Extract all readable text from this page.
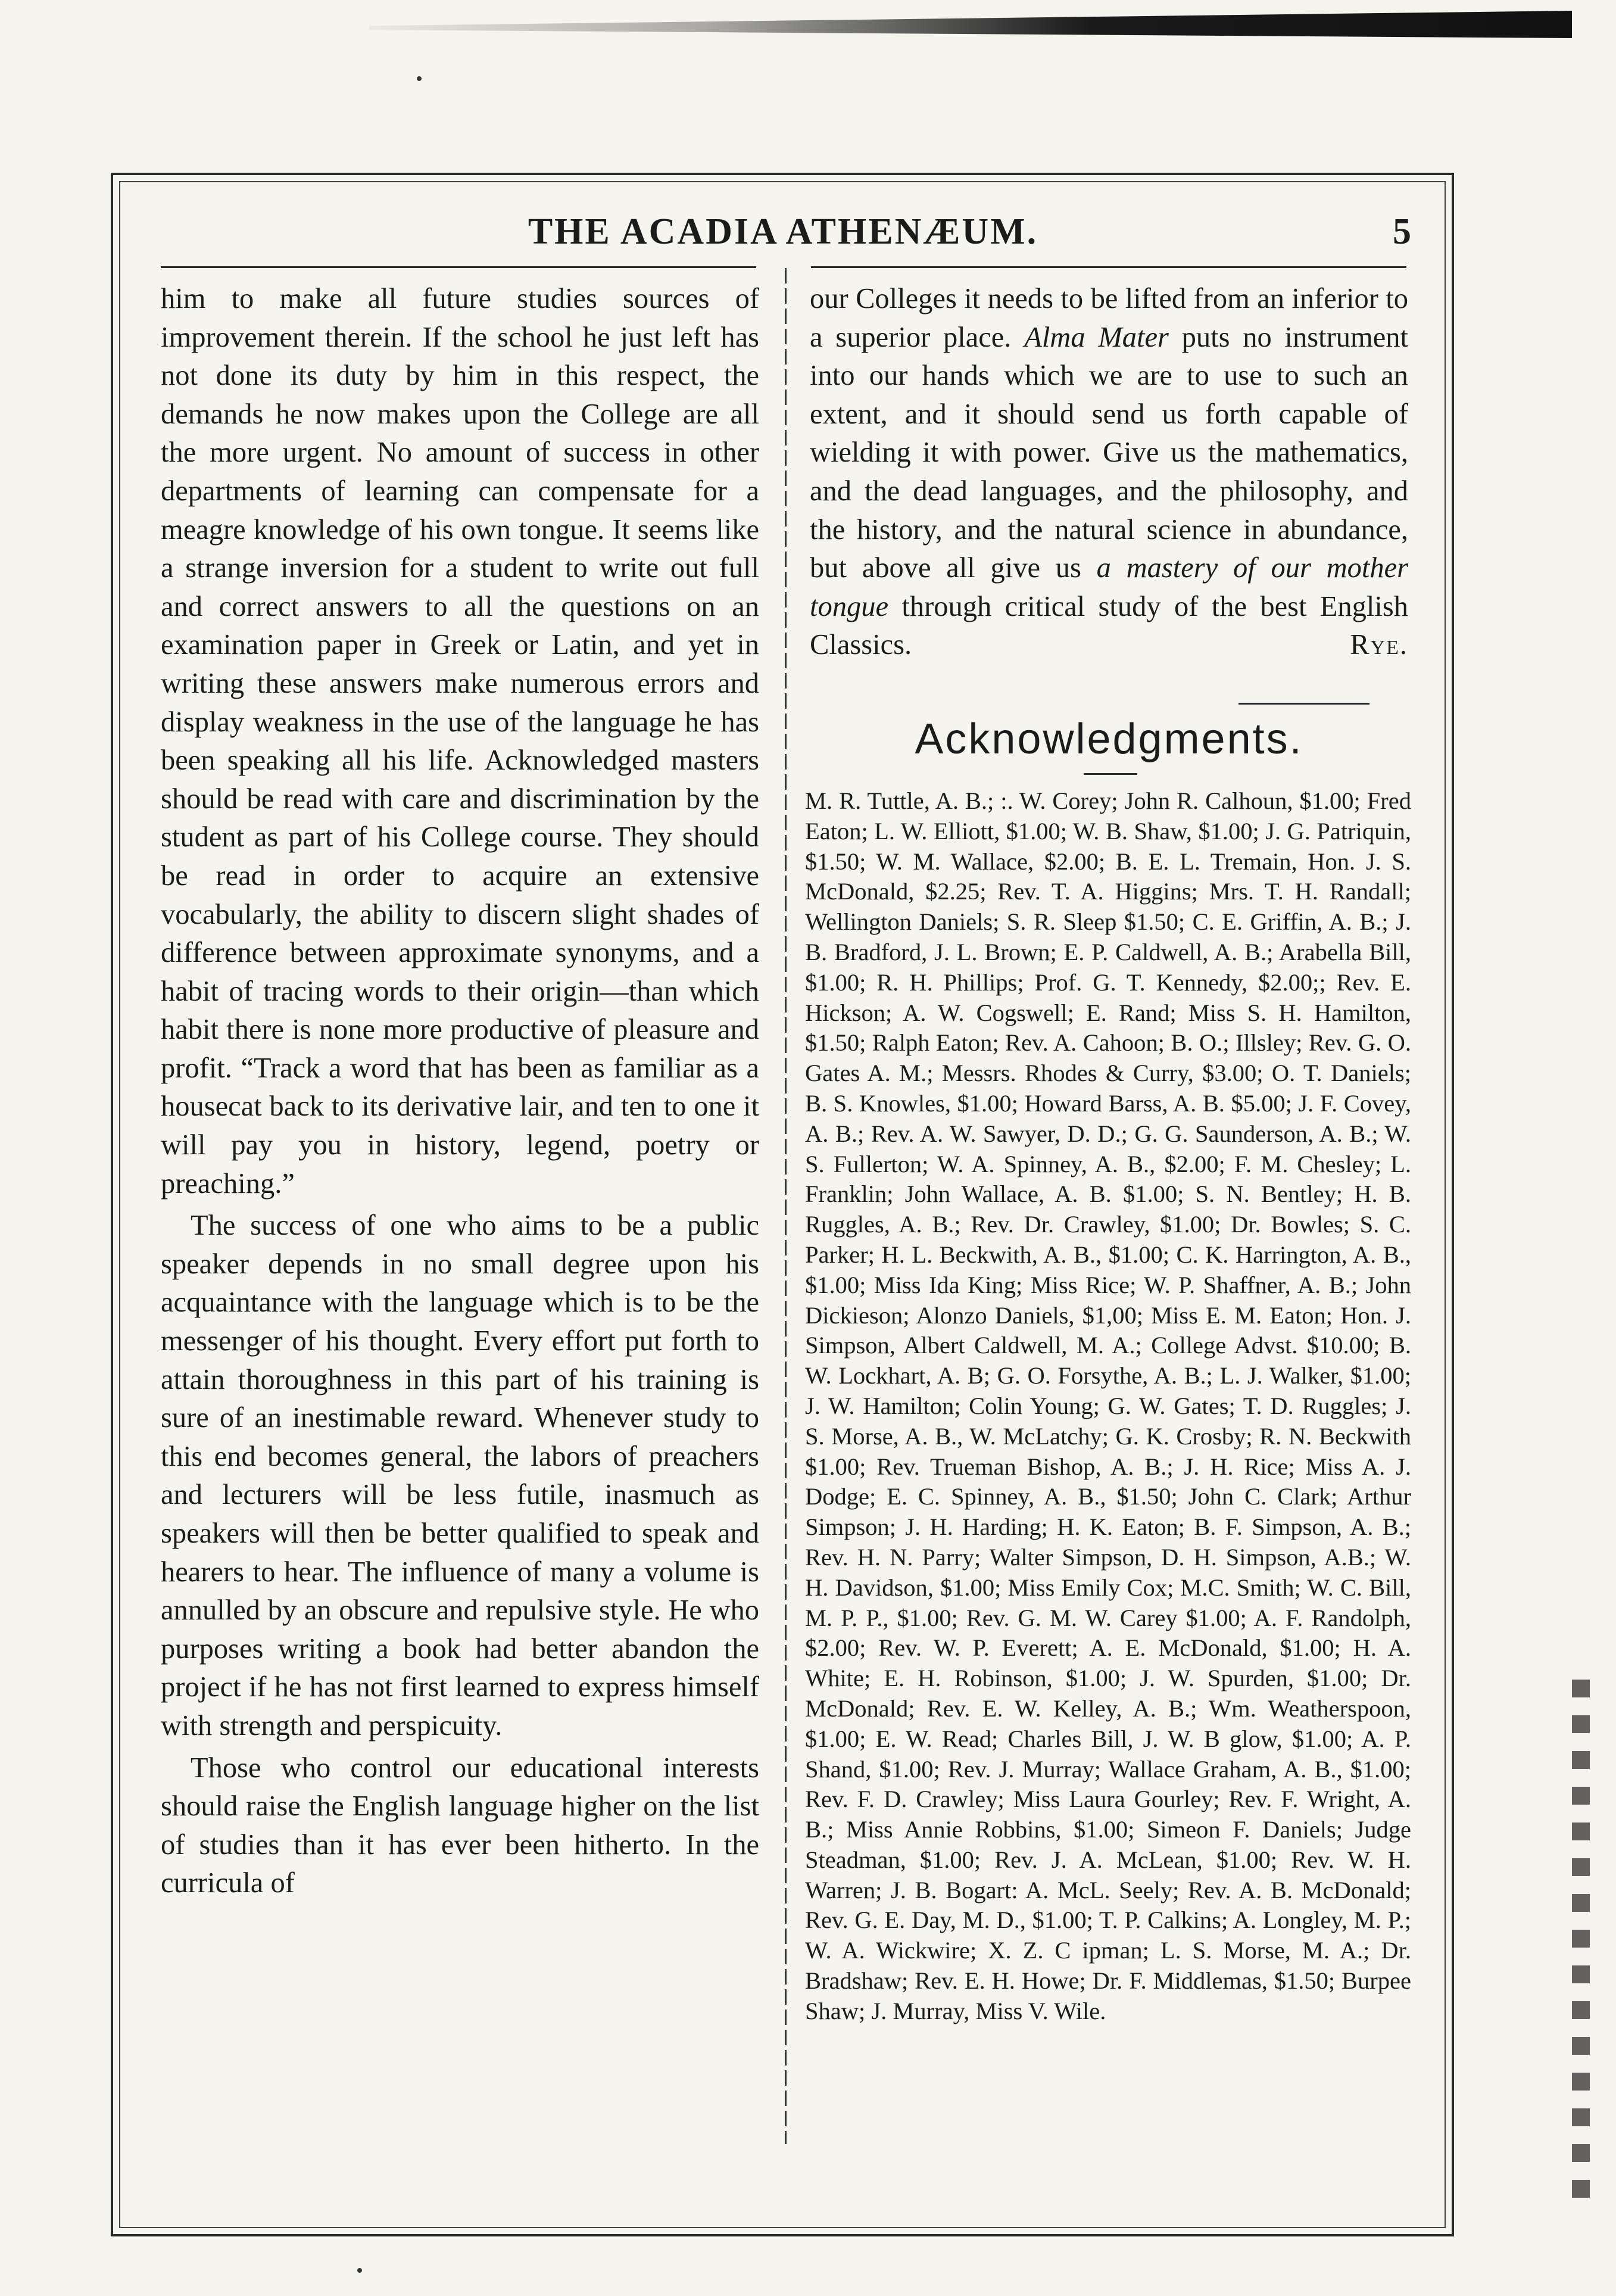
THE ACADIA ATHENÆUM.	5

him to make all future studies sources of improvement therein. If the school he just left has not done its duty by him in this respect, the demands he now makes upon the College are all the more urgent. No amount of success in other departments of learning can compensate for a meagre knowledge of his own tongue. It seems like a strange inversion for a student to write out full and correct answers to all the questions on an examination paper in Greek or Latin, and yet in writing these answers make numerous errors and display weakness in the use of the language he has been speaking all his life. Acknowledged masters should be read with care and discrimination by the student as part of his College course. They should be read in order to acquire an extensive vocabularly, the ability to discern slight shades of difference between approximate synonyms, and a habit of tracing words to their origin—than which habit there is none more productive of pleasure and profit. “Track a word that has been as familiar as a housecat back to its derivative lair, and ten to one it will pay you in history, legend, poetry or preaching.”

The success of one who aims to be a public speaker depends in no small degree upon his acquaintance with the language which is to be the messenger of his thought. Every effort put forth to attain thoroughness in this part of his training is sure of an inestimable reward. Whenever study to this end becomes general, the labors of preachers and lecturers will be less futile, inasmuch as speakers will then be better qualified to speak and hearers to hear. The influence of many a volume is annulled by an obscure and repulsive style. He who purposes writing a book had better abandon the project if he has not first learned to express himself with strength and perspicuity.

Those who control our educational interests should raise the English language higher on the list of studies than it has ever been hitherto. In the curricula of

our Colleges it needs to be lifted from an inferior to a superior place. Alma Mater puts no instrument into our hands which we are to use to such an extent, and it should send us forth capable of wielding it with power. Give us the mathematics, and the dead languages, and the philosophy, and the history, and the natural science in abundance, but above all give us a mastery of our mother tongue through critical study of the best English Classics.	Rye.

Acknowledgments.

M. R. Tuttle, A. B.; :. W. Corey; John R. Calhoun, $1.00; Fred Eaton; L. W. Elliott, $1.00; W. B. Shaw, $1.00; J. G. Patriquin, $1.50; W. M. Wallace, $2.00; B. E. L. Tremain, Hon. J. S. McDonald, $2.25; Rev. T. A. Higgins; Mrs. T. H. Randall; Wellington Daniels; S. R. Sleep $1.50; C. E. Griffin, A. B.; J. B. Bradford, J. L. Brown; E. P. Caldwell, A. B.; Arabella Bill, $1.00; R. H. Phillips; Prof. G. T. Kennedy, $2.00;; Rev. E. Hickson; A. W. Cogswell; E. Rand; Miss S. H. Hamilton, $1.50; Ralph Eaton; Rev. A. Cahoon; B. O.; Illsley; Rev. G. O. Gates A. M.; Messrs. Rhodes & Curry, $3.00; O. T. Daniels; B. S. Knowles, $1.00; Howard Barss, A. B. $5.00; J. F. Covey, A. B.; Rev. A. W. Sawyer, D. D.; G. G. Saunderson, A. B.; W. S. Fullerton; W. A. Spinney, A. B., $2.00; F. M. Chesley; L. Franklin; John Wallace, A. B. $1.00; S. N. Bentley; H. B. Ruggles, A. B.; Rev. Dr. Crawley, $1.00; Dr. Bowles; S. C. Parker; H. L. Beckwith, A. B., $1.00; C. K. Harrington, A. B., $1.00; Miss Ida King; Miss Rice; W. P. Shaffner, A. B.; John Dickieson; Alonzo Daniels, $1,00; Miss E. M. Eaton; Hon. J. Simpson, Albert Caldwell, M. A.; College Advst. $10.00; B. W. Lockhart, A. B; G. O. Forsythe, A. B.; L. J. Walker, $1.00; J. W. Hamilton; Colin Young; G. W. Gates; T. D. Ruggles; J. S. Morse, A. B., W. McLatchy; G. K. Crosby; R. N. Beckwith $1.00; Rev. Trueman Bishop, A. B.; J. H. Rice; Miss A. J. Dodge; E. C. Spinney, A. B., $1.50; John C. Clark; Arthur Simpson; J. H. Harding; H. K. Eaton; B. F. Simpson, A. B.; Rev. H. N. Parry; Walter Simpson, D. H. Simpson, A.B.; W. H. Davidson, $1.00; Miss Emily Cox; M.C. Smith; W. C. Bill, M. P. P., $1.00; Rev. G. M. W. Carey $1.00; A. F. Randolph, $2.00; Rev. W. P. Everett; A. E. McDonald, $1.00; H. A. White; E. H. Robinson, $1.00; J. W. Spurden, $1.00; Dr. McDonald; Rev. E. W. Kelley, A. B.; Wm. Weatherspoon, $1.00; E. W. Read; Charles Bill, J. W. B glow, $1.00; A. P. Shand, $1.00; Rev. J. Murray; Wallace Graham, A. B., $1.00; Rev. F. D. Crawley; Miss Laura Gourley; Rev. F. Wright, A. B.; Miss Annie Robbins, $1.00; Simeon F. Daniels; Judge Steadman, $1.00; Rev. J. A. McLean, $1.00; Rev. W. H. Warren; J. B. Bogart: A. McL. Seely; Rev. A. B. McDonald; Rev. G. E. Day, M. D., $1.00; T. P. Calkins; A. Longley, M. P.; W. A. Wickwire; X. Z. C ipman; L. S. Morse, M. A.; Dr. Bradshaw; Rev. E. H. Howe; Dr. F. Middlemas, $1.50; Burpee Shaw; J. Murray, Miss V. Wile.
